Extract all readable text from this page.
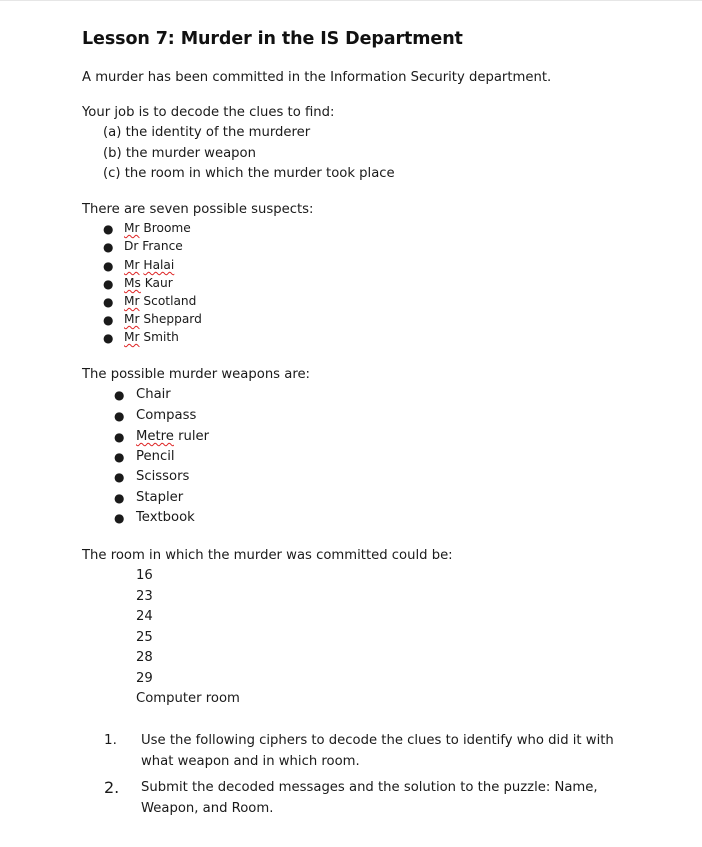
Lesson 7: Murder in the IS Department
A murder has been committed in the Information Security department.
Your job is to decode the clues to find:
(a) the identity of the murderer
(b) the murder weapon
(c) the room in which the murder took place
There are seven possible suspects:
● Mr Broome
● Dr France
● Mr Halai
● Ms Kaur
● Mr Scotland
● Mr Sheppard
● Mr Smith
The possible murder weapons are:
● Chair
● Compass
● Metre ruler
● Pencil
● Scissors
● Stapler
● Textbook
The room in which the murder was committed could be:
16
23
24
25
28
29
Computer room
1. Use the following ciphers to decode the clues to identify who did it with
what weapon and in which room.
2. Submit the decoded messages and the solution to the puzzle: Name,
Weapon, and Room.
